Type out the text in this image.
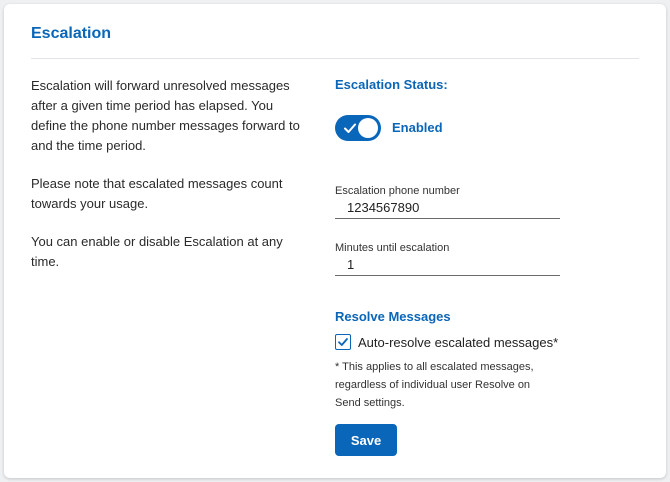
Escalation

Escalation will forward unresolved messages after a given time period has elapsed. You define the phone number messages forward to and the time period.

Please note that escalated messages count towards your usage.

You can enable or disable Escalation at any time.

Escalation Status:
Enabled
Escalation phone number
1234567890
Minutes until escalation
1
Resolve Messages
Auto-resolve escalated messages*
* This applies to all escalated messages, regardless of individual user Resolve on Send settings.
Save
